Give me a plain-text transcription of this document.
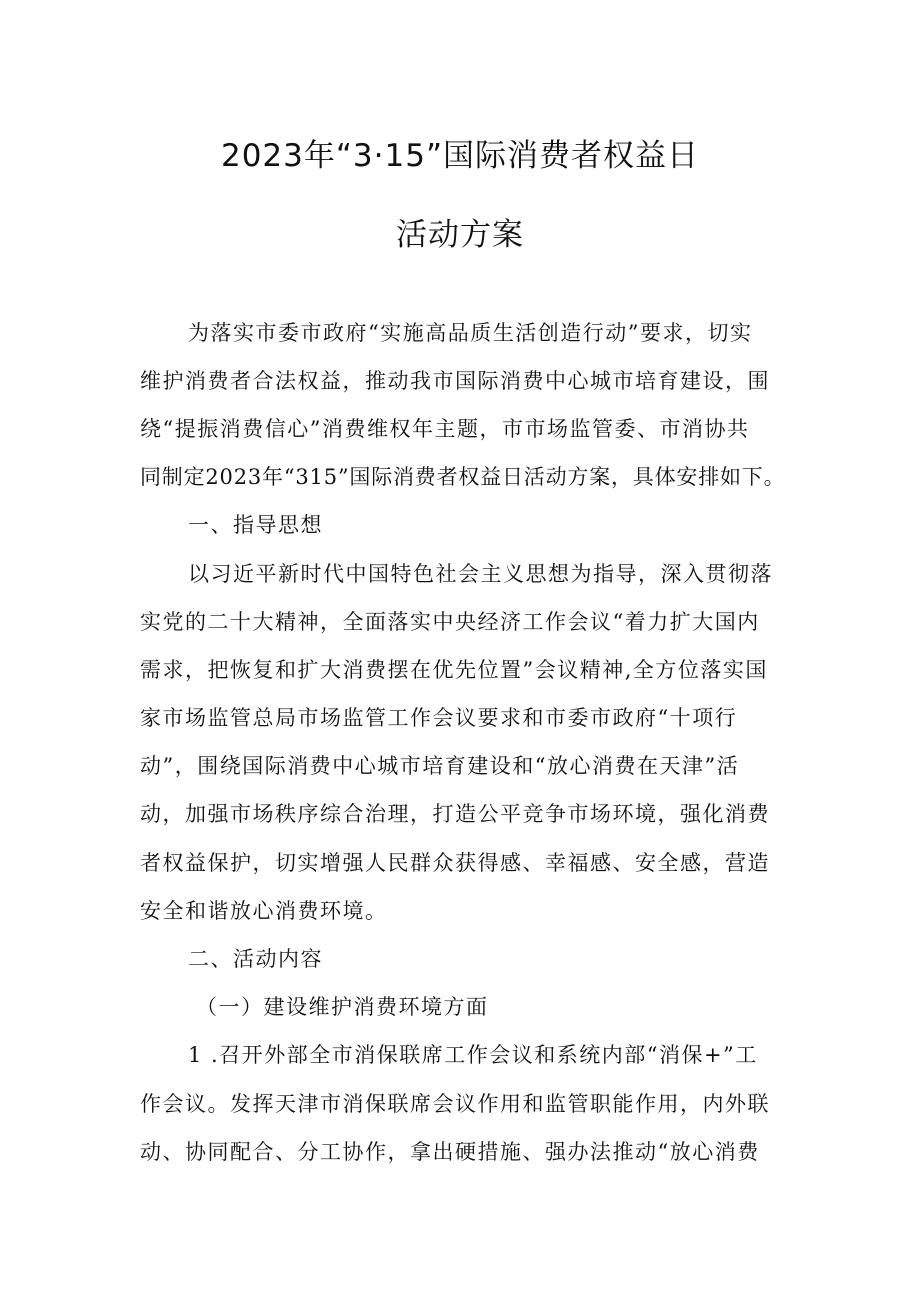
2023年“3·15”国际消费者权益日
活动方案
为落实市委市政府“实施高品质生活创造行动”要求，切实
维护消费者合法权益，推动我市国际消费中心城市培育建设，围
绕“提振消费信心”消费维权年主题，市市场监管委、市消协共
同制定2023年“315”国际消费者权益日活动方案，具体安排如下。
一、指导思想
以习近平新时代中国特色社会主义思想为指导，深入贯彻落
实党的二十大精神，全面落实中央经济工作会议“着力扩大国内
需求，把恢复和扩大消费摆在优先位置”会议精神,全方位落实国
家市场监管总局市场监管工作会议要求和市委市政府“十项行
动”，围绕国际消费中心城市培育建设和“放心消费在天津”活
动，加强市场秩序综合治理，打造公平竞争市场环境，强化消费
者权益保护，切实增强人民群众获得感、幸福感、安全感，营造
安全和谐放心消费环境。
二、活动内容
（一）建设维护消费环境方面
1 .召开外部全市消保联席工作会议和系统内部“消保+”工
作会议。发挥天津市消保联席会议作用和监管职能作用，内外联
动、协同配合、分工协作，拿出硬措施、强办法推动“放心消费
